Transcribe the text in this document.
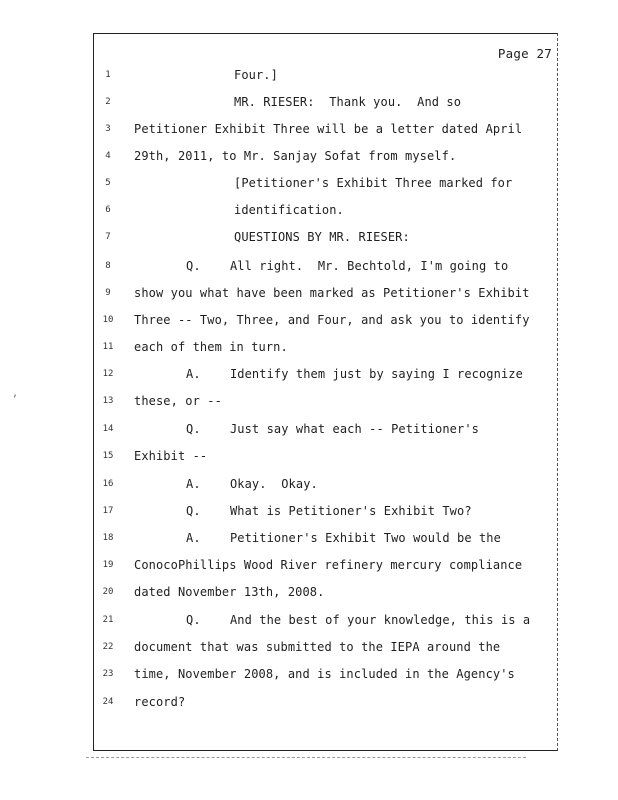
Page 27
‚
1	Four.]
2	MR. RIESER:  Thank you.  And so
3	Petitioner Exhibit Three will be a letter dated April
4	29th, 2011, to Mr. Sanjay Sofat from myself.
5	[Petitioner's Exhibit Three marked for
6	identification.
7	QUESTIONS BY MR. RIESER:
8	Q.    All right.  Mr. Bechtold, I'm going to
9	show you what have been marked as Petitioner's Exhibit
10 Three -- Two, Three, and Four, and ask you to identify
11 each of them in turn.
12	A.    Identify them just by saying I recognize
13 these, or --
14	Q.    Just say what each -- Petitioner's
15 Exhibit --
16	A.    Okay.  Okay.
17	Q.    What is Petitioner's Exhibit Two?
18	A.    Petitioner's Exhibit Two would be the
19 ConocoPhillips Wood River refinery mercury compliance
20 dated November 13th, 2008.
21	Q.    And the best of your knowledge, this is a
22 document that was submitted to the IEPA around the
23 time, November 2008, and is included in the Agency's
24 record?
